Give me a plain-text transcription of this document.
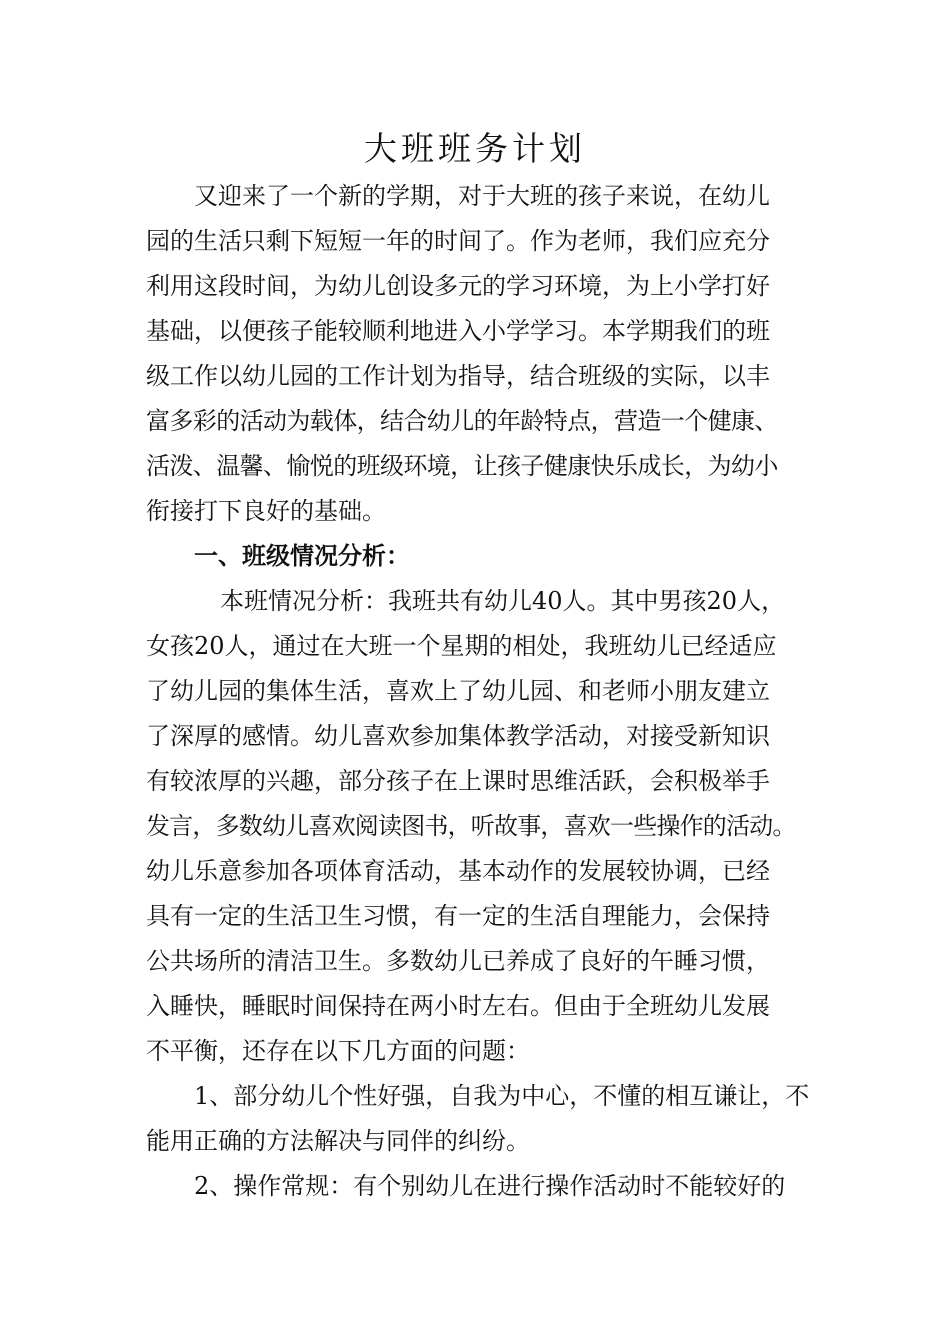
大班班务计划

又迎来了一个新的学期，对于大班的孩子来说，在幼儿

园的生活只剩下短短一年的时间了。作为老师，我们应充分

利用这段时间，为幼儿创设多元的学习环境，为上小学打好

基础，以便孩子能较顺利地进入小学学习。本学期我们的班

级工作以幼儿园的工作计划为指导，结合班级的实际，以丰

富多彩的活动为载体，结合幼儿的年龄特点，营造一个健康、

活泼、温馨、愉悦的班级环境，让孩子健康快乐成长，为幼小

衔接打下良好的基础。

一、班级情况分析：

本班情况分析：我班共有幼儿40人。其中男孩20人，

女孩20人，通过在大班一个星期的相处，我班幼儿已经适应

了幼儿园的集体生活，喜欢上了幼儿园、和老师小朋友建立

了深厚的感情。幼儿喜欢参加集体教学活动，对接受新知识

有较浓厚的兴趣，部分孩子在上课时思维活跃，会积极举手

发言，多数幼儿喜欢阅读图书，听故事，喜欢一些操作的活动。

幼儿乐意参加各项体育活动，基本动作的发展较协调，已经

具有一定的生活卫生习惯，有一定的生活自理能力，会保持

公共场所的清洁卫生。多数幼儿已养成了良好的午睡习惯，

入睡快，睡眠时间保持在两小时左右。但由于全班幼儿发展

不平衡，还存在以下几方面的问题：

1、部分幼儿个性好强，自我为中心，不懂的相互谦让，不

能用正确的方法解决与同伴的纠纷。

2、操作常规：有个别幼儿在进行操作活动时不能较好的
